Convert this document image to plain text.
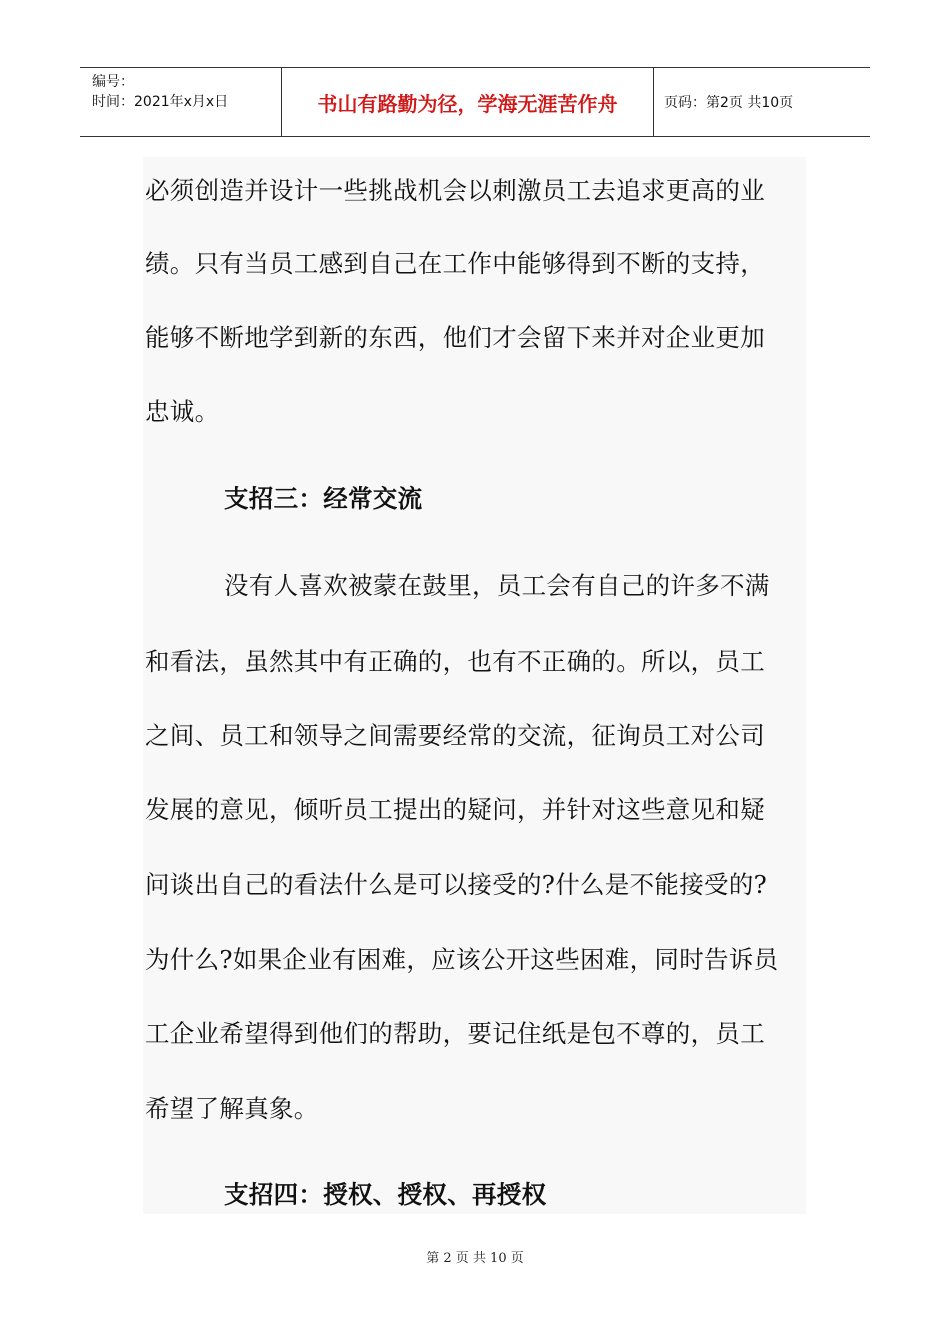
编号：
时间：2021年x月x日	书山有路勤为径，学海无涯苦作舟	页码：第2页 共10页
必须创造并设计一些挑战机会以刺激员工去追求更高的业
绩。只有当员工感到自己在工作中能够得到不断的支持，
能够不断地学到新的东西，他们才会留下来并对企业更加
忠诚。
支招三：经常交流
没有人喜欢被蒙在鼓里，员工会有自己的许多不满
和看法，虽然其中有正确的，也有不正确的。所以，员工
之间、员工和领导之间需要经常的交流，征询员工对公司
发展的意见，倾听员工提出的疑问，并针对这些意见和疑
问谈出自己的看法什么是可以接受的?什么是不能接受的?
为什么?如果企业有困难，应该公开这些困难，同时告诉员
工企业希望得到他们的帮助，要记住纸是包不尊的，员工
希望了解真象。
支招四：授权、授权、再授权
第 2 页 共 10 页
